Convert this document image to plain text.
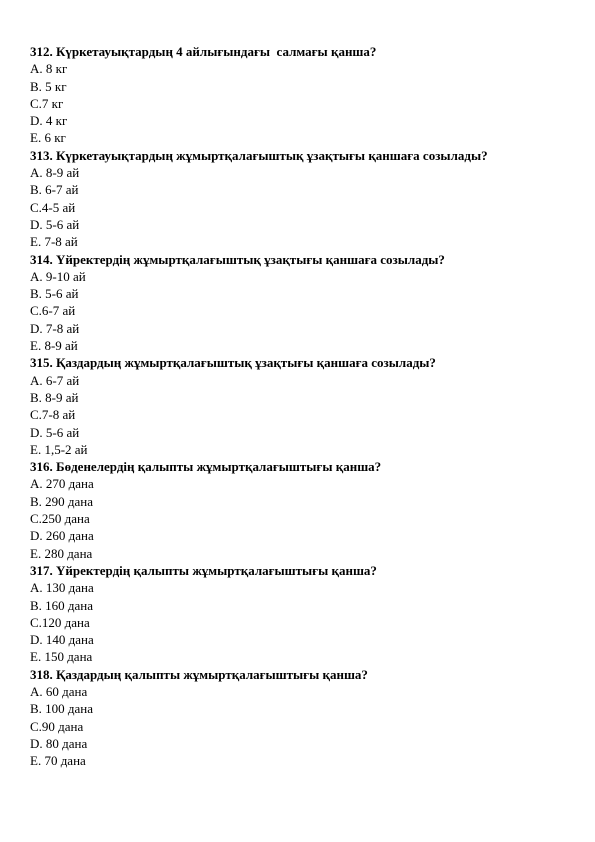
312. Күркетауықтардың 4 айлығындағы  салмағы қанша?
A. 8 кг
B. 5 кг
C.7 кг
D. 4 кг
E. 6 кг
313. Күркетауықтардың жұмыртқалағыштық ұзақтығы қаншаға созылады?
A. 8-9 ай
B. 6-7 ай
C.4-5 ай
D. 5-6 ай
E. 7-8 ай
314. Үйректердің жұмыртқалағыштық ұзақтығы қаншаға созылады?
A. 9-10 ай
B. 5-6 ай
C.6-7 ай
D. 7-8 ай
E. 8-9 ай
315. Қаздардың жұмыртқалағыштық ұзақтығы қаншаға созылады?
A. 6-7 ай
B. 8-9 ай
C.7-8 ай
D. 5-6 ай
E. 1,5-2 ай
316. Бөденелердің қалыпты жұмыртқалағыштығы қанша?
A. 270 дана
B. 290 дана
C.250 дана
D. 260 дана
E. 280 дана
317. Үйректердің қалыпты жұмыртқалағыштығы қанша?
A. 130 дана
B. 160 дана
C.120 дана
D. 140 дана
E. 150 дана
318. Қаздардың қалыпты жұмыртқалағыштығы қанша?
A. 60 дана
B. 100 дана
C.90 дана
D. 80 дана
E. 70 дана
